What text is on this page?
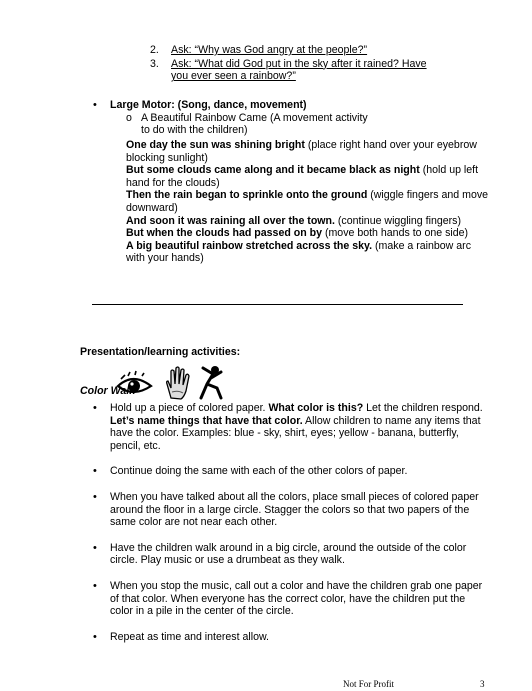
2. Ask: “Why was God angry at the people?”
3. Ask: “What did God put in the sky after it rained? Have
you ever seen a rainbow?”
• Large Motor: (Song, dance, movement)
o A Beautiful Rainbow Came (A movement activity
to do with the children)
One day the sun was shining bright (place right hand over your eyebrow
blocking sunlight)
But some clouds came along and it became black as night (hold up left
hand for the clouds)
Then the rain began to sprinkle onto the ground (wiggle fingers and move
downward)
And soon it was raining all over the town. (continue wiggling fingers)
But when the clouds had passed on by (move both hands to one side)
A big beautiful rainbow stretched across the sky. (make a rainbow arc
with your hands)
Presentation/learning activities:
Color Walk
• Hold up a piece of colored paper. What color is this? Let the children respond.
Let’s name things that have that color. Allow children to name any items that
have the color. Examples: blue - sky, shirt, eyes; yellow - banana, butterfly,
pencil, etc.
• Continue doing the same with each of the other colors of paper.
• When you have talked about all the colors, place small pieces of colored paper
around the floor in a large circle. Stagger the colors so that two papers of the
same color are not near each other.
• Have the children walk around in a big circle, around the outside of the color
circle. Play music or use a drumbeat as they walk.
• When you stop the music, call out a color and have the children grab one paper
of that color. When everyone has the correct color, have the children put the
color in a pile in the center of the circle.
• Repeat as time and interest allow.
Not For Profit	3
